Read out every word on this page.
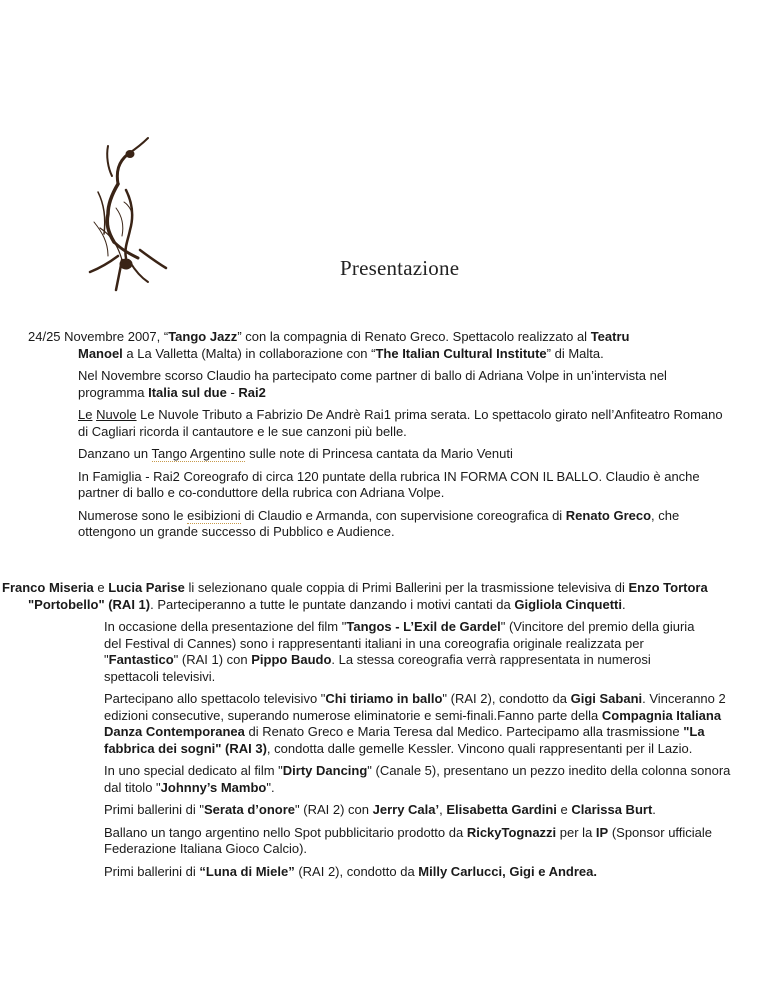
Presentazione

24/25 Novembre 2007, “Tango Jazz” con la compagnia di Renato Greco. Spettacolo realizzato al Teatru
Manoel a La Valletta (Malta) in collaborazione con “The Italian Cultural Institute” di Malta.

Nel Novembre scorso Claudio ha partecipato come partner di ballo di Adriana Volpe in un’intervista nel programma Italia sul due - Rai2

Le Nuvole Le Nuvole Tributo a Fabrizio De Andrè Rai1 prima serata. Lo spettacolo girato nell’Anfiteatro Romano di Cagliari ricorda il cantautore e le sue canzoni più belle.

Danzano un Tango Argentino sulle note di Princesa cantata da Mario Venuti

In Famiglia - Rai2 Coreografo di circa 120 puntate della rubrica IN FORMA CON IL BALLO. Claudio è anche partner di ballo e co-conduttore della rubrica con Adriana Volpe.

Numerose sono le esibizioni di Claudio e Armanda, con supervisione coreografica di Renato Greco, che ottengono un grande successo di Pubblico e Audience.

Franco Miseria e Lucia Parise li selezionano quale coppia di Primi Ballerini per la trasmissione televisiva di Enzo Tortora "Portobello" (RAI 1). Parteciperanno a tutte le puntate danzando i motivi cantati da Gigliola Cinquetti.

In occasione della presentazione del film "Tangos - L’Exil de Gardel" (Vincitore del premio della giuria del Festival di Cannes) sono i rappresentanti italiani in una coreografia originale realizzata per "Fantastico" (RAI 1) con Pippo Baudo. La stessa coreografia verrà rappresentata in numerosi spettacoli televisivi.

Partecipano allo spettacolo televisivo "Chi tiriamo in ballo" (RAI 2), condotto da Gigi Sabani. Vinceranno 2 edizioni consecutive, superando numerose eliminatorie e semi-finali.Fanno parte della Compagnia Italiana Danza Contemporanea di Renato Greco e Maria Teresa dal Medico. Partecipamo alla trasmissione "La fabbrica dei sogni" (RAI 3), condotta dalle gemelle Kessler. Vincono quali rappresentanti per il Lazio.

In uno special dedicato al film "Dirty Dancing" (Canale 5), presentano un pezzo inedito della colonna sonora dal titolo "Johnny’s Mambo".

Primi ballerini di "Serata d’onore" (RAI 2) con Jerry Cala’, Elisabetta Gardini e Clarissa Burt.

Ballano un tango argentino nello Spot pubblicitario prodotto da RickyTognazzi per la IP (Sponsor ufficiale Federazione Italiana Gioco Calcio).

Primi ballerini di “Luna di Miele” (RAI 2), condotto da Milly Carlucci, Gigi e Andrea.
